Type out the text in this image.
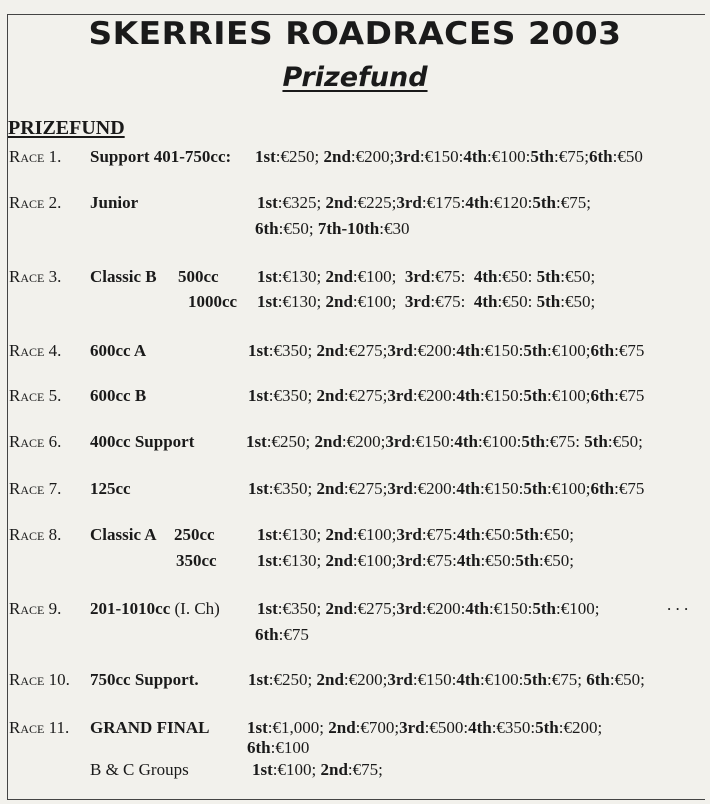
SKERRIES ROADRACES 2003
Prizefund
PRIZEFUND
Race 1. Support 401-750cc: 1st:€250; 2nd:€200;3rd:€150:4th:€100:5th:€75;6th:€50
Race 2. Junior	1st:€325; 2nd:€225;3rd:€175:4th:€120:5th:€75;
6th:€50; 7th-10th:€30
Race 3. Classic B 500cc 1st:€130; 2nd:€100;  3rd:€75:  4th:€50: 5th:€50;
1000cc 1st:€130; 2nd:€100;  3rd:€75:  4th:€50: 5th:€50;
Race 4. 600cc A	1st:€350; 2nd:€275;3rd:€200:4th:€150:5th:€100;6th:€75
Race 5. 600cc B	1st:€350; 2nd:€275;3rd:€200:4th:€150:5th:€100;6th:€75
Race 6. 400cc Support	1st:€250; 2nd:€200;3rd:€150:4th:€100:5th:€75: 5th:€50;
Race 7. 125cc	1st:€350; 2nd:€275;3rd:€200:4th:€150:5th:€100;6th:€75
Race 8. Classic A 250cc 1st:€130; 2nd:€100;3rd:€75:4th:€50:5th:€50;
350cc 1st:€130; 2nd:€100;3rd:€75:4th:€50:5th:€50;
Race 9. 201-1010cc (I. Ch) 1st:€350; 2nd:€275;3rd:€200:4th:€150:5th:€100;	. . .
6th:€75
Race 10. 750cc Support.	1st:€250; 2nd:€200;3rd:€150:4th:€100:5th:€75; 6th:€50;
Race 11. GRAND FINAL 1st:€1,000; 2nd:€700;3rd:€500:4th:€350:5th:€200;
6th:€100
B & C Groups	1st:€100; 2nd:€75;
